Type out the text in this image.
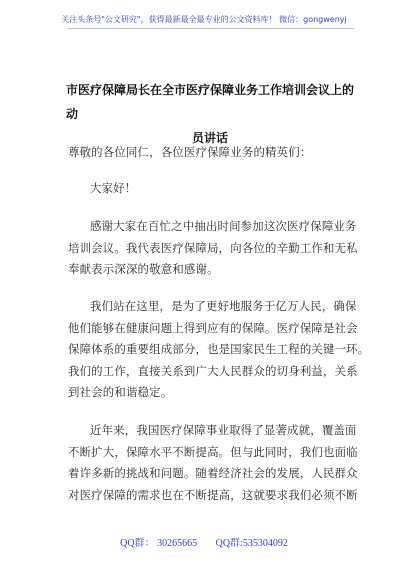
关注头条号"公文研究"，获得最新最全最专业的公文资料库！ 微信：gongwenyj
市医疗保障局长在全市医疗保障业务工作培训会议上的动
员讲话
尊敬的各位同仁，各位医疗保障业务的精英们：
大家好！
感谢大家在百忙之中抽出时间参加这次医疗保障业务
培训会议。我代表医疗保障局，向各位的辛勤工作和无私
奉献表示深深的敬意和感谢。
我们站在这里，是为了更好地服务于亿万人民，确保
他们能够在健康问题上得到应有的保障。医疗保障是社会
保障体系的重要组成部分，也是国家民生工程的关键一环。
我们的工作，直接关系到广大人民群众的切身利益，关系
到社会的和谐稳定。
近年来，我国医疗保障事业取得了显著成就，覆盖面
不断扩大，保障水平不断提高。但与此同时，我们也面临
着许多新的挑战和问题。随着经济社会的发展，人民群众
对医疗保障的需求也在不断提高，这就要求我们必须不断
QQ群： 30265665 QQ群:535304092
